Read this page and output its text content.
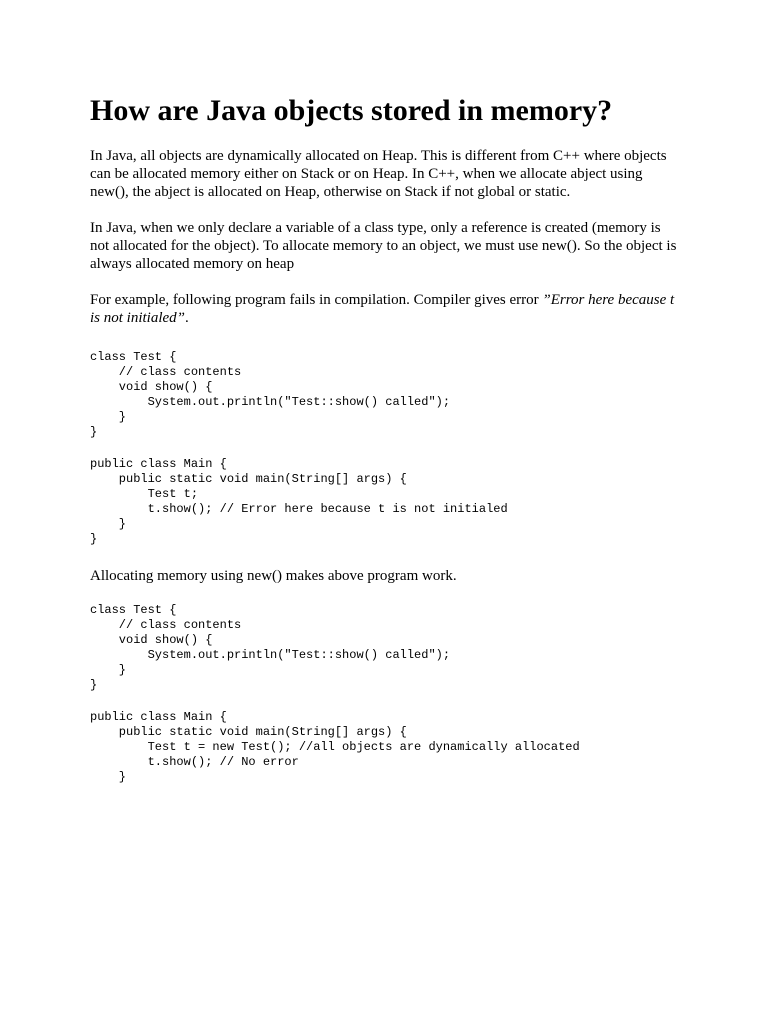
How are Java objects stored in memory?

In Java, all objects are dynamically allocated on Heap. This is different from C++ where objects can be allocated memory either on Stack or on Heap. In C++, when we allocate abject using new(), the abject is allocated on Heap, otherwise on Stack if not global or static.

In Java, when we only declare a variable of a class type, only a reference is created (memory is not allocated for the object). To allocate memory to an object, we must use new(). So the object is always allocated memory on heap

For example, following program fails in compilation. Compiler gives error ”Error here because t is not initialed”.

class Test {
// class contents
void show() {
System.out.println("Test::show() called");
}
}
public class Main {
public static void main(String[] args) {
Test t;
t.show(); // Error here because t is not initialed
}
}

Allocating memory using new() makes above program work.

class Test {
// class contents
void show() {
System.out.println("Test::show() called");
}
}
public class Main {
public static void main(String[] args) {
Test t = new Test(); //all objects are dynamically allocated
t.show(); // No error
}
